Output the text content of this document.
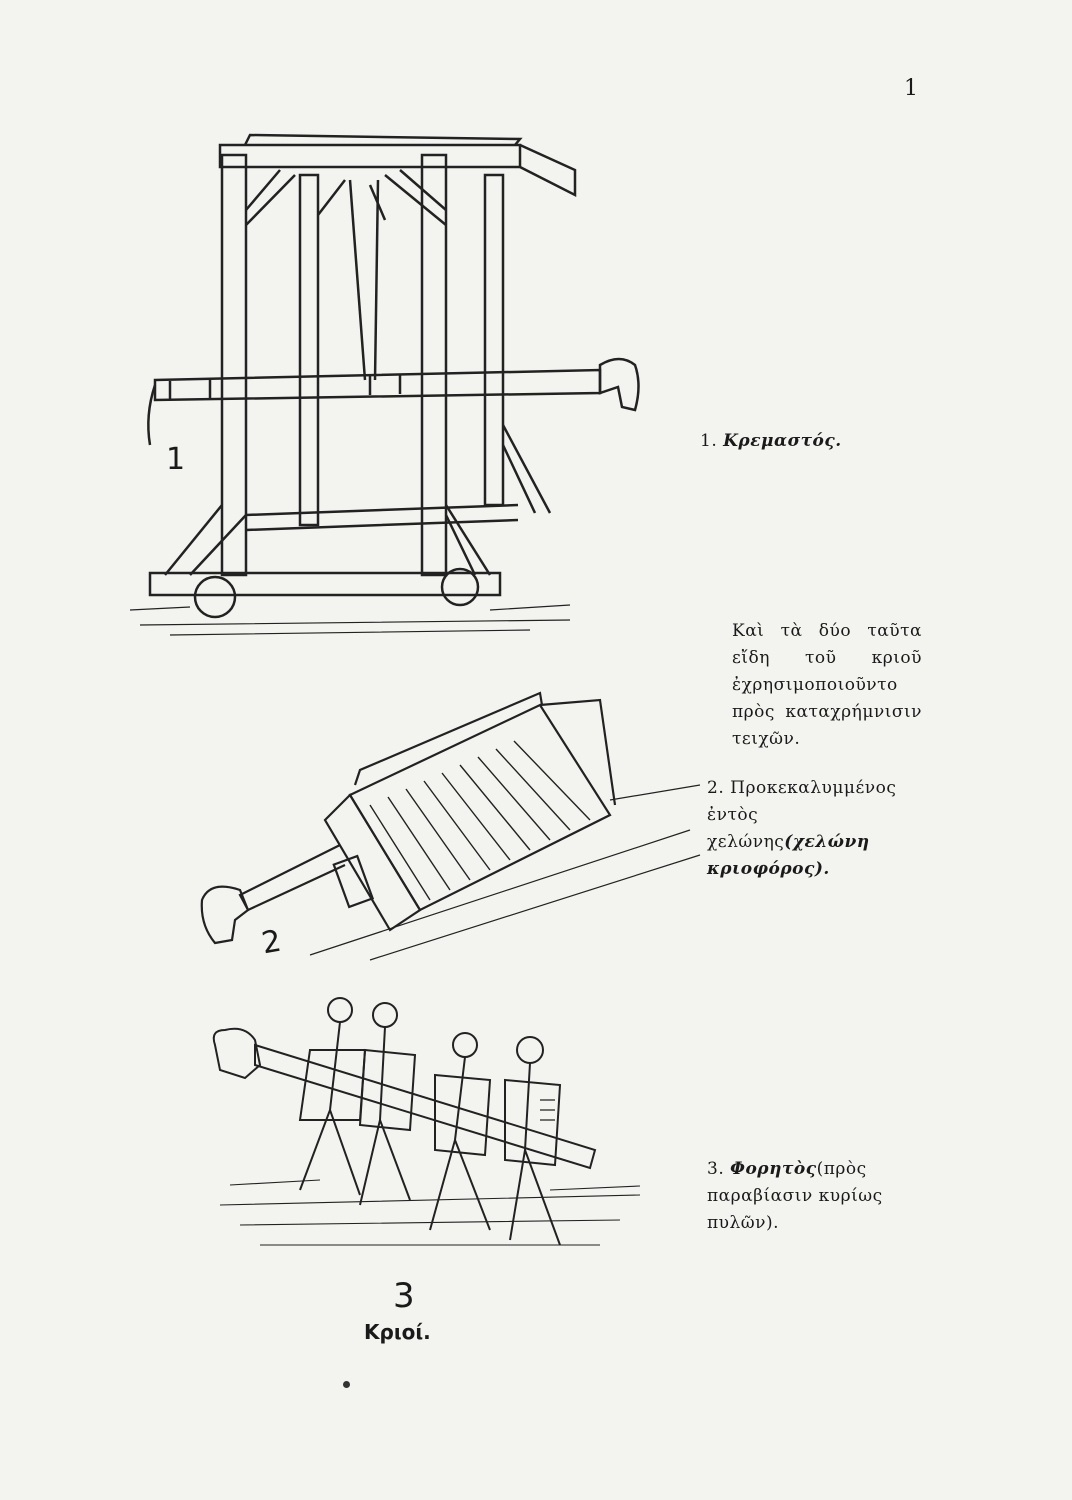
1
1
2
3
Κριοί.
1. Κρεμαστός.
Καὶ τὰ δύο ταῦτα εἴδη τοῦ κριοῦ ἐχρησιμοποιοῦντο πρὸς καταχρήμνισιν τειχῶν.
2. Προκεκαλυμμένος ἐντὸς χελώνης(χελώνη κριοφόρος).
3. Φορητὸς(πρὸς παραβίασιν κυρίως πυλῶν).
